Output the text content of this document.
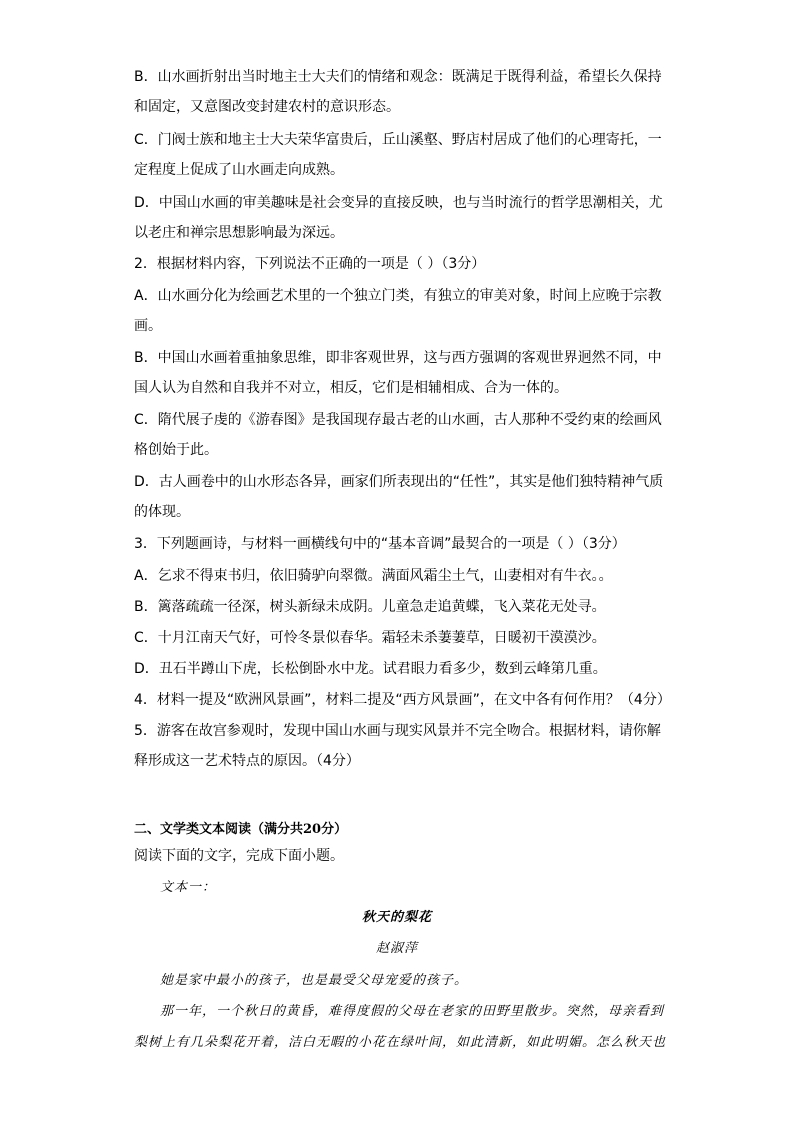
B．山水画折射出当时地主士大夫们的情绪和观念：既满足于既得利益，希望长久保持
和固定，又意图改变封建农村的意识形态。
C．门阀士族和地主士大夫荣华富贵后，丘山溪壑、野店村居成了他们的心理寄托，一
定程度上促成了山水画走向成熟。
D．中国山水画的审美趣味是社会变异的直接反映，也与当时流行的哲学思潮相关，尤
以老庄和禅宗思想影响最为深远。
2．根据材料内容，下列说法不正确的一项是（ ）（3分）
A．山水画分化为绘画艺术里的一个独立门类，有独立的审美对象，时间上应晚于宗教
画。
B．中国山水画着重抽象思维，即非客观世界，这与西方强调的客观世界迥然不同，中
国人认为自然和自我并不对立，相反，它们是相辅相成、合为一体的。
C．隋代展子虔的《游春图》是我国现存最古老的山水画，古人那种不受约束的绘画风
格创始于此。
D．古人画卷中的山水形态各异，画家们所表现出的“任性”，其实是他们独特精神气质
的体现。
3．下列题画诗，与材料一画横线句中的“基本音调”最契合的一项是（ ）（3分）
A．乞求不得束书归，依旧骑驴向翠微。满面风霜尘土气，山妻相对有牛衣。。
B．篱落疏疏一径深，树头新绿未成阴。儿童急走追黄蝶，飞入菜花无处寻。
C．十月江南天气好，可怜冬景似春华。霜轻未杀萋萋草，日暖初干漠漠沙。
D．丑石半蹲山下虎，长松倒卧水中龙。试君眼力看多少，数到云峰第几重。
4．材料一提及“欧洲风景画”，材料二提及“西方风景画”，在文中各有何作用？（4分）
5．游客在故宫参观时，发现中国山水画与现实风景并不完全吻合。根据材料，请你解
释形成这一艺术特点的原因。（4分）
二、文学类文本阅读（满分共20分）
阅读下面的文字，完成下面小题。
文本一：
秋天的梨花
赵淑萍
她是家中最小的孩子，也是最受父母宠爱的孩子。
那一年，一个秋日的黄昏，难得度假的父母在老家的田野里散步。突然，母亲看到
梨树上有几朵梨花开着，洁白无暇的小花在绿叶间，如此清新，如此明媚。怎么秋天也
